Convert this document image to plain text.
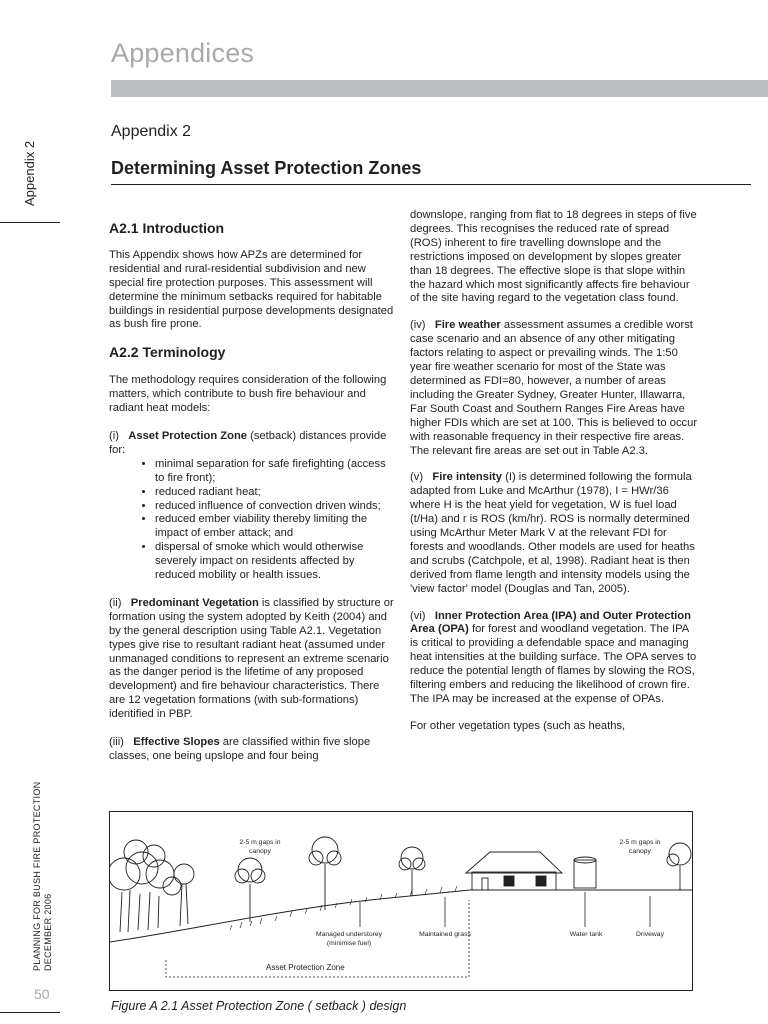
Appendices
Appendix 2
PLANNING FOR BUSH FIRE PROTECTION DECEMBER 2006
50
Appendix 2
Determining Asset Protection Zones
A2.1 Introduction

This Appendix shows how APZs are determined for residential and rural-residential subdivision and new special fire protection purposes. This assessment will determine the minimum setbacks required for habitable buildings in residential purpose developments designated as bush fire prone.

A2.2 Terminology

The methodology requires consideration of the following matters, which contribute to bush fire behaviour and radiant heat models:

(i) Asset Protection Zone (setback) distances provide for:

• minimal separation for safe firefighting (access to fire front);
• reduced radiant heat;
• reduced influence of convection driven winds;
• reduced ember viability thereby limiting the impact of ember attack; and
• dispersal of smoke which would otherwise severely impact on residents affected by reduced mobility or health issues.

(ii) Predominant Vegetation is classified by structure or formation using the system adopted by Keith (2004) and by the general description using Table A2.1. Vegetation types give rise to resultant radiant heat (assumed under unmanaged conditions to represent an extreme scenario as the danger period is the lifetime of any proposed development) and fire behaviour characteristics. There are 12 vegetation formations (with sub-formations) identified in PBP.

(iii) Effective Slopes are classified within five slope classes, one being upslope and four being

downslope, ranging from flat to 18 degrees in steps of five degrees. This recognises the reduced rate of spread (ROS) inherent to fire travelling downslope and the restrictions imposed on development by slopes greater than 18 degrees. The effective slope is that slope within the hazard which most significantly affects fire behaviour of the site having regard to the vegetation class found.

(iv) Fire weather assessment assumes a credible worst case scenario and an absence of any other mitigating factors relating to aspect or prevailing winds. The 1:50 year fire weather scenario for most of the State was determined as FDI=80, however, a number of areas including the Greater Sydney, Greater Hunter, Illawarra, Far South Coast and Southern Ranges Fire Areas have higher FDIs which are set at 100. This is believed to occur with reasonable frequency in their respective fire areas. The relevant fire areas are set out in Table A2.3.

(v) Fire intensity (I) is determined following the formula adapted from Luke and McArthur (1978), I = HWr/36 where H is the heat yield for vegetation, W is fuel load (t/Ha) and r is ROS (km/hr). ROS is normally determined using McArthur Meter Mark V at the relevant FDI for forests and woodlands. Other models are used for heaths and scrubs (Catchpole, et al, 1998). Radiant heat is then derived from flame length and intensity models using the 'view factor' model (Douglas and Tan, 2005).

(vi) Inner Protection Area (IPA) and Outer Protection Area (OPA) for forest and woodland vegetation. The IPA is critical to providing a defendable space and managing heat intensities at the building surface. The OPA serves to reduce the potential length of flames by slowing the ROS, filtering embers and reducing the likelihood of crown fire. The IPA may be increased at the expense of OPAs.

For other vegetation types (such as heaths,

2-5 m gaps in canopy
2-5 m gaps in canopy
Managed understorey (minimise fuel)
Maintained grass	Water tank	Driveway
Asset Protection Zone
Figure A 2.1 Asset Protection Zone ( setback ) design
